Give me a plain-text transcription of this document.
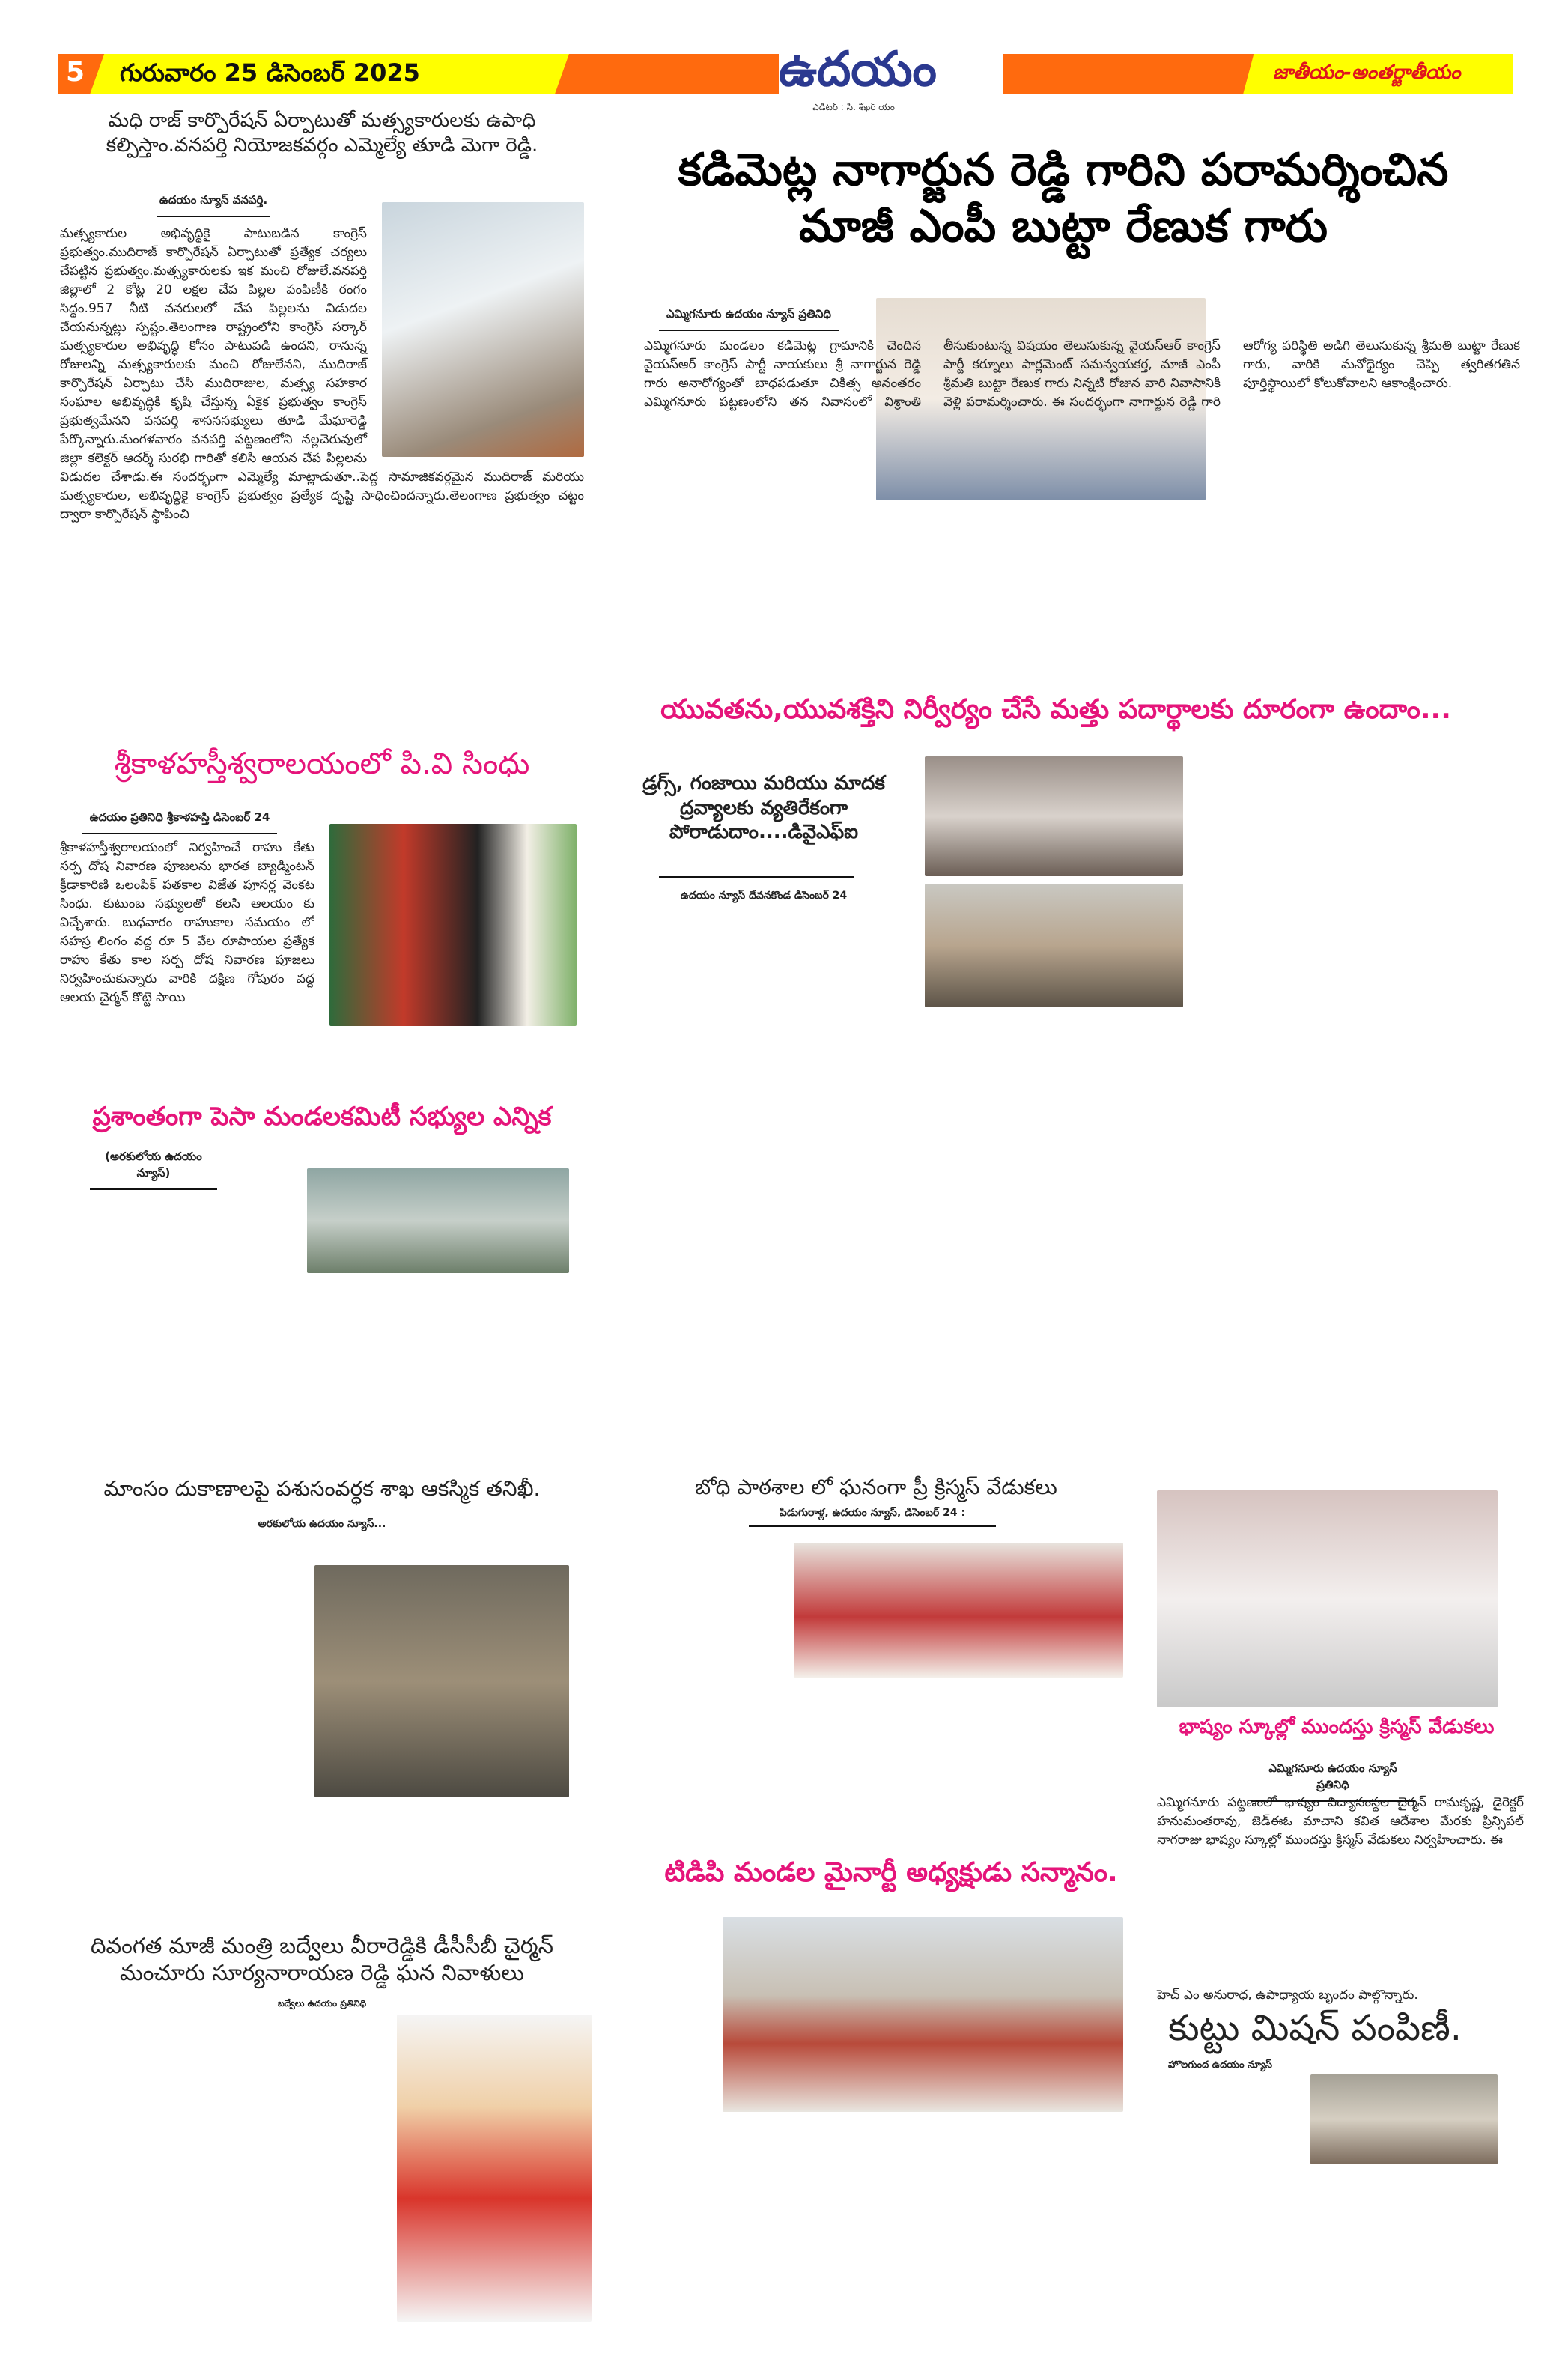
5 గురువారం 25 డిసెంబర్ 2025	జాతీయం-అంతర్జాతీయం
ఉదయం
ఎడిటర్ : సి. శేఖర్ యం
మధి రాజ్ కార్పొరేషన్ ఏర్పాటుతో మత్స్యకారులకు ఉపాధి కల్పిస్తాం.వనపర్తి నియోజకవర్గం ఎమ్మెల్యే తూడి మెగా రెడ్డి.
ఉదయం న్యూస్ వనపర్తి.
మత్స్యకారుల అభివృద్ధికై పాటుబడిన కాంగ్రెస్ ప్రభుత్వం.ముదిరాజ్ కార్పొరేషన్ ఏర్పాటుతో ప్రత్యేక చర్యలు చేపట్టిన ప్రభుత్వం.మత్స్యకారులకు ఇక మంచి రోజులే.వనపర్తి జిల్లాలో 2 కోట్ల 20 లక్షల చేప పిల్లల పంపిణీకి రంగం సిద్ధం.957 నీటి వనరులలో చేప పిల్లలను విడుదల చేయనున్నట్లు స్పష్టం.తెలంగాణ రాష్ట్రంలోని కాంగ్రెస్ సర్కార్ మత్స్యకారుల అభివృద్ధి కోసం పాటుపడి ఉందని, రానున్న రోజులన్ని మత్స్యకారులకు మంచి రోజులేనని, ముదిరాజ్ కార్పొరేషన్ ఏర్పాటు చేసి ముదిరాజుల, మత్స్య సహకార సంఘాల అభివృద్ధికి కృషి చేస్తున్న ఏకైక ప్రభుత్వం కాంగ్రెస్ ప్రభుత్వమేనని వనపర్తి శాసనసభ్యులు తూడి మేఘారెడ్డి పేర్కొన్నారు.మంగళవారం వనపర్తి పట్టణంలోని నల్లచెరువులో జిల్లా కలెక్టర్ ఆదర్శ్ సురభి గారితో కలిసి ఆయన చేప పిల్లలను విడుదల చేశాడు.ఈ సందర్భంగా ఎమ్మెల్యే మాట్లాడుతూ..పెద్ద సామాజికవర్గమైన ముదిరాజ్ మరియు మత్స్యకారుల, అభివృద్ధికై కాంగ్రెస్ ప్రభుత్వం ప్రత్యేక దృష్టి సాధించిందన్నారు.తెలంగాణ ప్రభుత్వం చట్టం ద్వారా కార్పొరేషన్ స్థాపించి
కడిమెట్ల నాగార్జున రెడ్డి గారిని పరామర్శించిన
మాజీ ఎంపీ బుట్టా రేణుక గారు
ఎమ్మిగనూరు ఉదయం న్యూస్ ప్రతినిధి
ఎమ్మిగనూరు మండలం కడిమెట్ల గ్రామానికి చెందిన వైయస్ఆర్ కాంగ్రెస్ పార్టీ నాయకులు శ్రీ నాగార్జున రెడ్డి గారు అనారోగ్యంతో బాధపడుతూ చికిత్స అనంతరం ఎమ్మిగనూరు పట్టణంలోని తన నివాసంలో విశ్రాంతి తీసుకుంటున్న విషయం తెలుసుకున్న వైయస్ఆర్ కాంగ్రెస్ పార్టీ కర్నూలు పార్లమెంట్ సమన్వయకర్త, మాజీ ఎంపీ శ్రీమతి బుట్టా రేణుక గారు నిన్నటి రోజున వారి నివాసానికి వెళ్లి పరామర్శించారు. ఈ సందర్భంగా నాగార్జున రెడ్డి గారి ఆరోగ్య పరిస్థితి అడిగి తెలుసుకున్న శ్రీమతి బుట్టా రేణుక గారు, వారికి మనోధైర్యం చెప్పి త్వరితగతిన పూర్తిస్థాయిలో కోలుకోవాలని ఆకాంక్షించారు.
యువతను,యువశక్తిని నిర్వీర్యం చేసే మత్తు పదార్థాలకు దూరంగా ఉందాం...
శ్రీకాళహస్తీశ్వరాలయంలో పి.వి సింధు
ఉదయం ప్రతినిధి శ్రీకాళహస్తి డిసెంబర్ 24
శ్రీకాళహస్తీశ్వరాలయంలో నిర్వహించే రాహు కేతు సర్ప దోష నివారణ పూజలను భారత బ్యాడ్మింటన్ క్రీడాకారిణి ఒలంపిక్ పతకాల విజేత పూసర్ల వెంకట సింధు. కుటుంబ సభ్యులతో కలసి ఆలయం కు విచ్చేశారు. బుధవారం రాహుకాల సమయం లో సహస్ర లింగం వద్ద రూ 5 వేల రూపాయల ప్రత్యేక రాహు కేతు కాల సర్ప దోష నివారణ పూజలు నిర్వహించుకున్నారు వారికి దక్షిణ గోపురం వద్ద ఆలయ చైర్మన్ కొట్టె సాయి
ప్రశాంతంగా పెసా మండలకమిటీ సభ్యుల ఎన్నిక
(అరకులోయ ఉదయం న్యూస్)
డ్రగ్స్, గంజాయి మరియు మాదక ద్రవ్యాలకు వ్యతిరేకంగా పోరాడుదాం....డివైఎఫ్ఐ
ఉదయం న్యూస్ దేవనకొండ డిసెంబర్ 24
మాంసం దుకాణాలపై పశుసంవర్ధక శాఖ ఆకస్మిక తనిఖీ.
అరకులోయ ఉదయం న్యూస్...
బోధి పాఠశాల లో ఘనంగా ప్రీ క్రిస్మస్ వేడుకలు
పిడుగురాళ్ల, ఉదయం న్యూస్, డిసెంబర్ 24 :
భాష్యం స్కూల్లో ముందస్తు క్రిస్మస్ వేడుకలు
ఎమ్మిగనూరు ఉదయం న్యూస్ ప్రతినిధి
ఎమ్మిగనూరు పట్టణంలో భాష్యం విద్యాసంస్థల చైర్మన్ రామకృష్ణ, డైరెక్టర్ హనుమంతరావు, జెడ్ఈఓ మాచాని కవిత ఆదేశాల మేరకు ప్రిన్సిపల్ నాగరాజు భాష్యం స్కూల్లో ముందస్తు క్రిస్మస్ వేడుకలు నిర్వహించారు. ఈ
హెచ్ ఎం అనురాధ, ఉపాధ్యాయ బృందం పాల్గొన్నారు.
కుట్టు మిషన్ పంపిణీ.
హొలగుంద ఉదయం న్యూస్
దివంగత మాజీ మంత్రి బద్వేలు వీరారెడ్డికి డీసీసీబీ చైర్మన్ మంచూరు సూర్యనారాయణ రెడ్డి ఘన నివాళులు
బద్వేలు ఉదయం ప్రతినిధి
టిడిపి మండల మైనార్టీ అధ్యక్షుడు సన్మానం.
